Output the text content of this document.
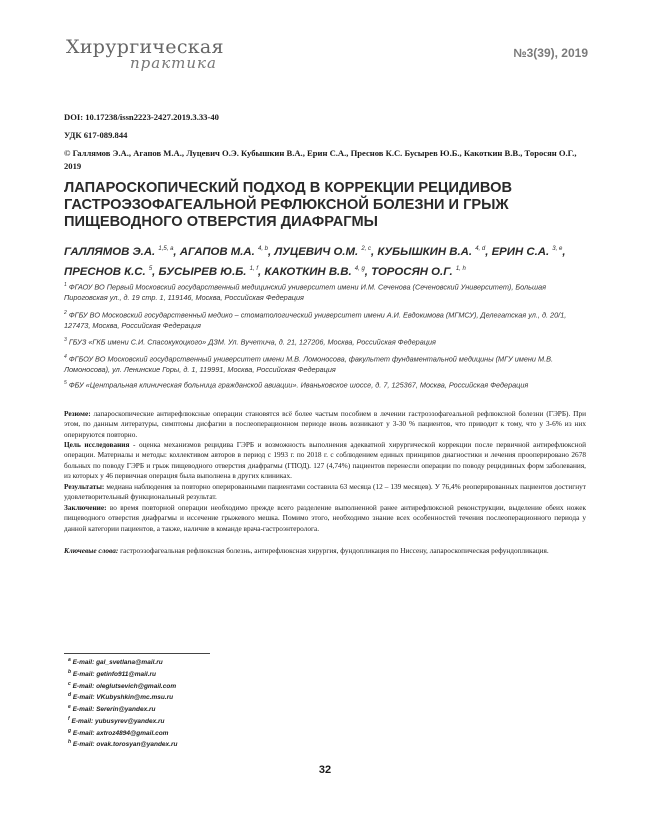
Хирургическая
практика
№3(39), 2019
DOI: 10.17238/issn2223-2427.2019.3.33-40
УДК 617-089.844
© Галлямов Э.А., Агапов М.А., Луцевич О.Э. Кубышкин В.А., Ерин С.А., Преснов К.С. Бусырев Ю.Б., Какоткин В.В., Торосян О.Г., 2019
ЛАПАРОСКОПИЧЕСКИЙ ПОДХОД В КОРРЕКЦИИ РЕЦИДИВОВ ГАСТРОЭЗОФАГЕАЛЬНОЙ РЕФЛЮКСНОЙ БОЛЕЗНИ И ГРЫЖ ПИЩЕВОДНОГО ОТВЕРСТИЯ ДИАФРАГМЫ
ГАЛЛЯМОВ Э.А. $^{1,5, a}$, АГАПОВ М.А. $^{4, b}$, ЛУЦЕВИЧ О.М. $^{2, c}$, КУБЫШКИН В.А. $^{4, d}$, ЕРИН С.А. $^{3, e}$, ПРЕСНОВ К.С. $^5$, БУСЫРЕВ Ю.Б. $^{1, f}$, КАКОТКИН В.В. $^{4, g}$, ТОРОСЯН О.Г. $^{1, h}$
$^1$ ФГАОУ ВО Первый Московский государственный медицинский университет имени И.М. Сеченова (Сеченовский Университет), Большая Пироговская ул., д. 19 стр. 1, 119146, Москва, Российская Федерация
$^2$ ФГБУ ВО Московский государственный медико – стоматологический университет имени А.И. Евдокимова (МГМСУ), Делегатская ул., д. 20/1, 127473, Москва, Российская Федерация
$^3$ ГБУЗ «ГКБ имени С.И. Спасокукоцкого» ДЗМ. Ул. Вучетича, д. 21, 127206, Москва, Российская Федерация
$^4$ ФГБОУ ВО Московский государственный университет имени М.В. Ломоносова, факультет фундаментальной медицины (МГУ имени М.В. Ломоносова), ул. Ленинские Горы, д. 1, 119991, Москва, Российская Федерация
$^5$ ФБУ «Центральная клиническая больница гражданской авиации». Иваньковское шоссе, д. 7, 125367, Москва, Российская Федерация
Резюме: лапароскопические антирефлюксные операции становятся всё более частым пособием в лечении гастроэзофагеальной рефлюксной болезни (ГЭРБ). При этом, по данным литературы, симптомы дисфагии в послеоперационном периоде вновь возникают у 3-30 % пациентов, что приводит к тому, что у 3-6% из них оперируются повторно.
Цель исследования - оценка механизмов рецидива ГЭРБ и возможность выполнения адекватной хирургической коррекции после первичной антирефлюксной операции. Материалы и методы: коллективом авторов в период с 1993 г. по 2018 г. с соблюдением единых принципов диагностики и лечения прооперировано 2678 больных по поводу ГЭРБ и грыж пищеводного отверстия диафрагмы (ГПОД). 127 (4,74%) пациентов перенесли операции по поводу рецидивных форм заболевания, из которых у 46 первичная операция была выполнена в других клиниках.
Результаты: медиана наблюдения за повторно оперированными пациентами составила 63 месяца (12 – 139 месяцев). У 76,4% реоперированных пациентов достигнут удовлетворительный функциональный результат.
Заключение: во время повторной операции необходимо прежде всего разделение выполненной ранее антирефлюксной реконструкции, выделение обеих ножек пищеводного отверстия диафрагмы и иссечение грыжевого мешка. Помимо этого, необходимо знание всех особенностей течения послеоперационного периода у данной категории пациентов, а также, наличие в команде врача-гастроэнтеролога.
Ключевые слова: гастроэзофагеальная рефлюксная болезнь, антирефлюксная хирургия, фундопликация по Ниссену, лапароскопическая рефундопликация.
$^a$ E-mail: gal_svetlana@mail.ru
$^b$ E-mail: getinfo911@mail.ru
$^c$ E-mail: oleglutsevich@gmail.com
$^d$ E-mail: VKubyshkin@mc.msu.ru
$^e$ E-mail: Sererin@yandex.ru
$^f$ E-mail: yubusyrev@yandex.ru
$^g$ E-mail: axtroz4894@gmail.com
$^h$ E-mail: ovak.torosyan@yandex.ru
32
